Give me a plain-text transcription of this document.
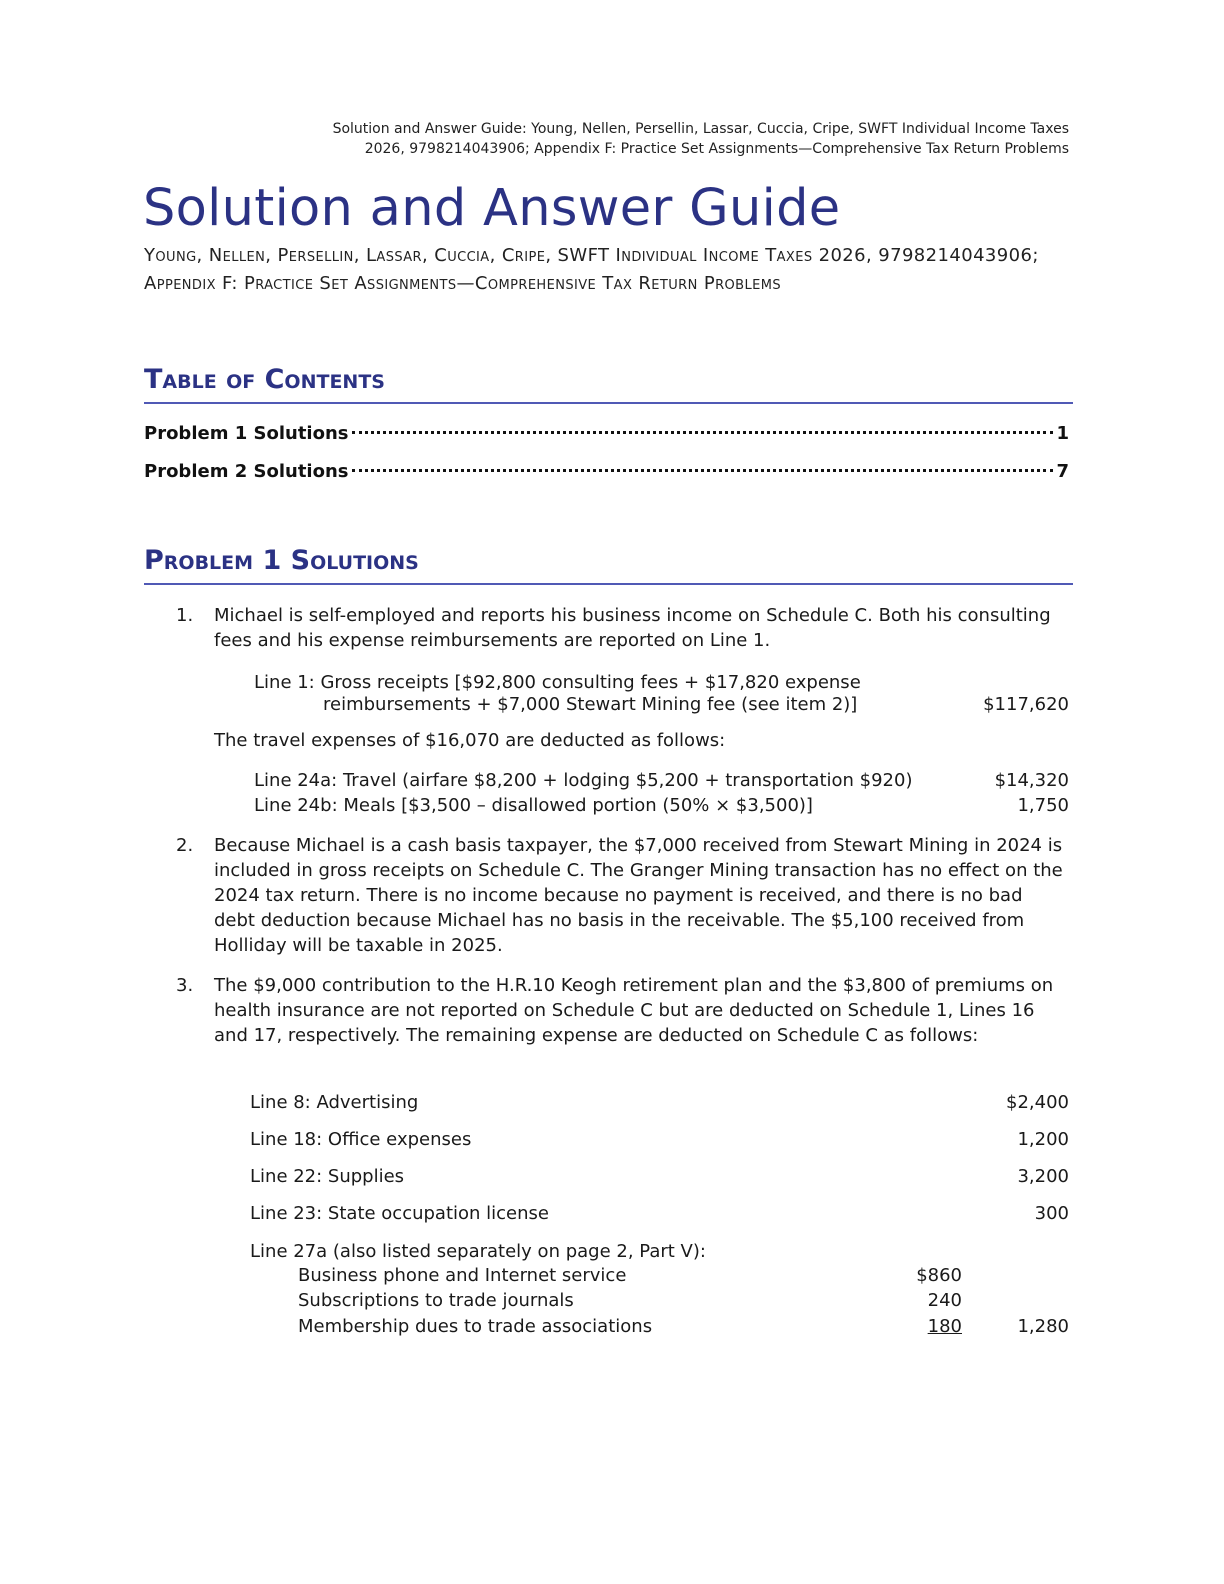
Solution and Answer Guide: Young, Nellen, Persellin, Lassar, Cuccia, Cripe, SWFT Individual Income Taxes
2026, 9798214043906; Appendix F: Practice Set Assignments—Comprehensive Tax Return Problems
Solution and Answer Guide
Young, Nellen, Persellin, Lassar, Cuccia, Cripe, SWFT Individual Income Taxes 2026, 9798214043906; Appendix F: Practice Set Assignments—Comprehensive Tax Return Problems
Table of Contents
Problem 1 Solutions	1
Problem 2 Solutions	7
Problem 1 Solutions
1.	Michael is self-employed and reports his business income on Schedule C. Both his consulting fees and his expense reimbursements are reported on Line 1.
Line 1: Gross receipts [$92,800 consulting fees + $17,820 expense
reimbursements + $7,000 Stewart Mining fee (see item 2)]	$117,620
The travel expenses of $16,070 are deducted as follows:
Line 24a: Travel (airfare $8,200 + lodging $5,200 + transportation $920)	$14,320
Line 24b: Meals [$3,500 – disallowed portion (50% × $3,500)]	1,750
2.	Because Michael is a cash basis taxpayer, the $7,000 received from Stewart Mining in 2024 is included in gross receipts on Schedule C. The Granger Mining transaction has no effect on the 2024 tax return. There is no income because no payment is received, and there is no bad debt deduction because Michael has no basis in the receivable. The $5,100 received from Holliday will be taxable in 2025.
3.	The $9,000 contribution to the H.R.10 Keogh retirement plan and the $3,800 of premiums on health insurance are not reported on Schedule C but are deducted on Schedule 1, Lines 16 and 17, respectively. The remaining expense are deducted on Schedule C as follows:
Line 8: Advertising	$2,400
Line 18: Office expenses	1,200
Line 22: Supplies	3,200
Line 23: State occupation license	300
Line 27a (also listed separately on page 2, Part V):
Business phone and Internet service	$860
Subscriptions to trade journals	240
Membership dues to trade associations	180	1,280
